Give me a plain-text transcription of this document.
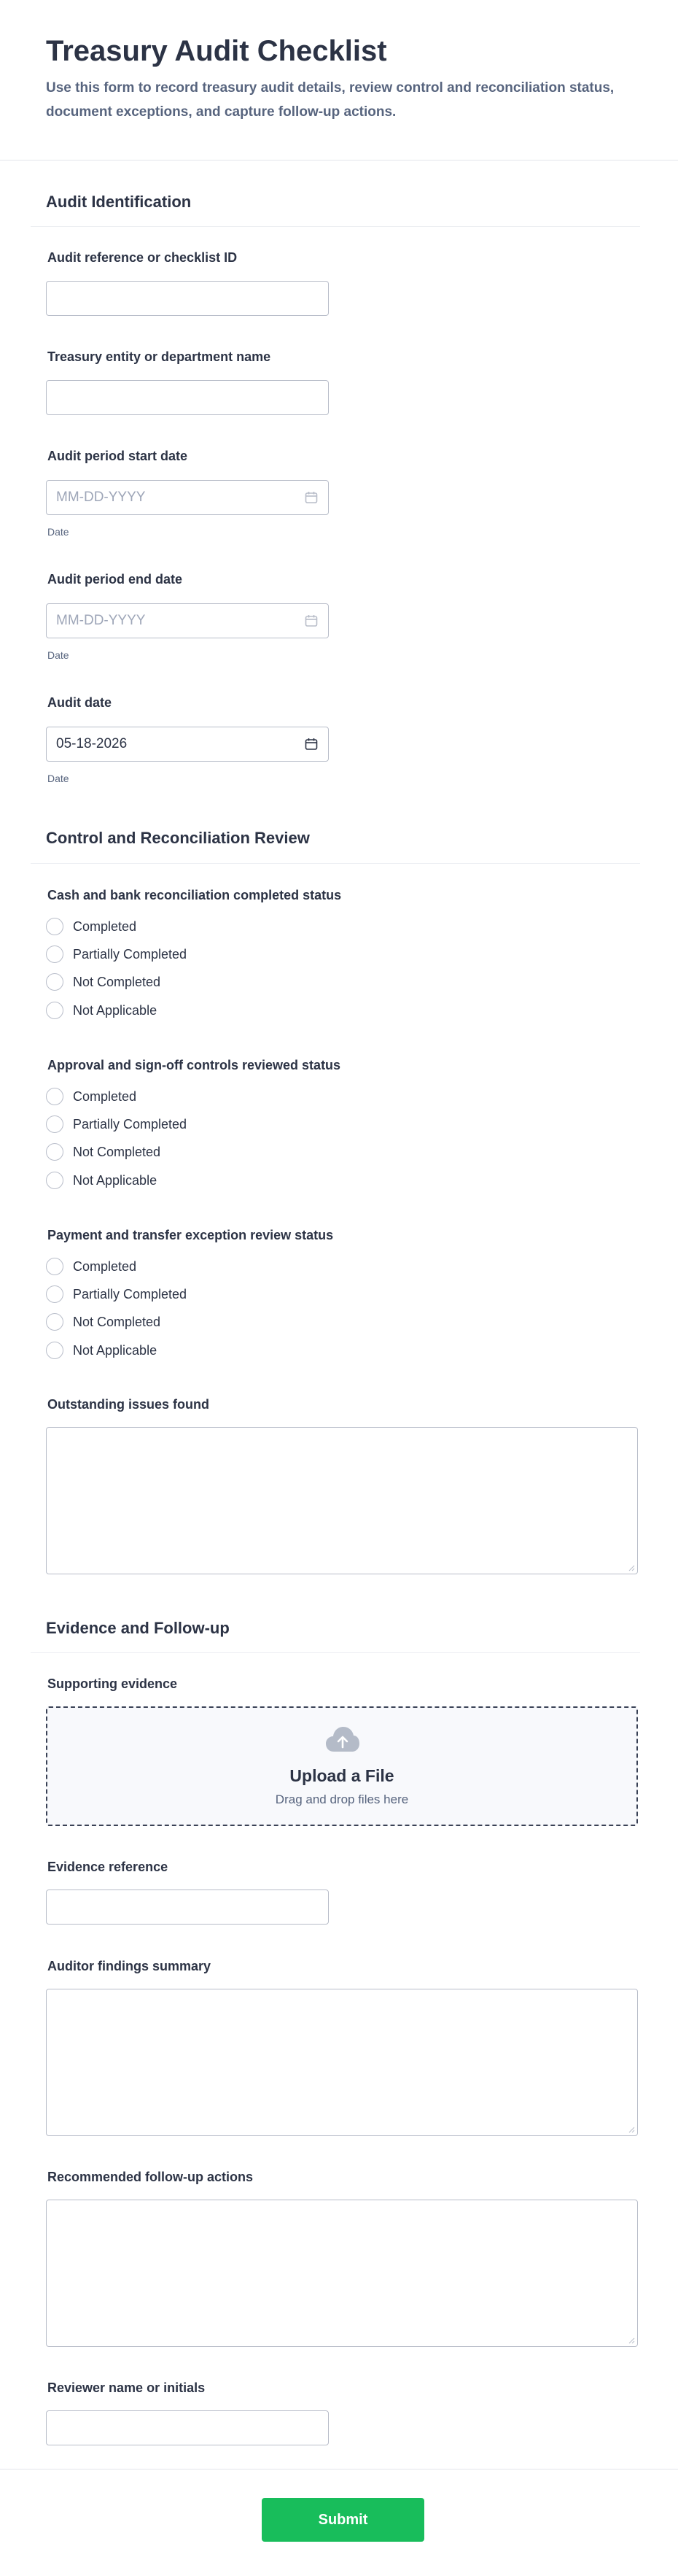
Treasury Audit Checklist

Use this form to record treasury audit details, review control and reconciliation status, document exceptions, and capture follow-up actions.

Audit Identification
Audit reference or checklist ID
Treasury entity or department name
Audit period start date
MM-DD-YYYY
Date
Audit period end date
MM-DD-YYYY
Date
Audit date
05-18-2026
Date
Control and Reconciliation Review
Cash and bank reconciliation completed status
Completed
Partially Completed
Not Completed
Not Applicable
Approval and sign-off controls reviewed status
Completed
Partially Completed
Not Completed
Not Applicable
Payment and transfer exception review status
Completed
Partially Completed
Not Completed
Not Applicable
Outstanding issues found
Evidence and Follow-up
Supporting evidence
Upload a File
Drag and drop files here
Evidence reference
Auditor findings summary
Recommended follow-up actions
Reviewer name or initials
Submit
